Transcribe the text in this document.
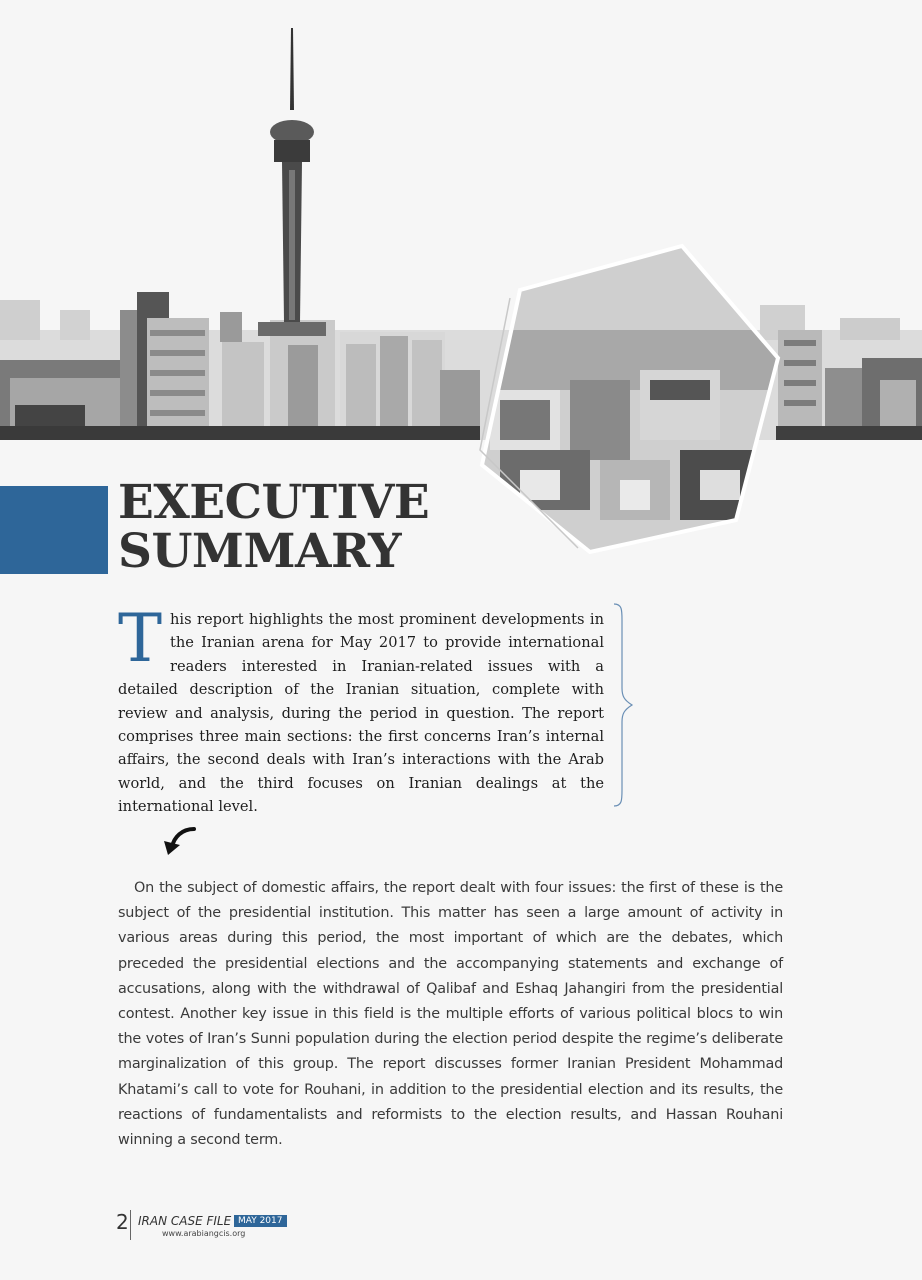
EXECUTIVE
SUMMARY
This report highlights the most prominent developments in the Iranian arena for May 2017 to provide international readers interested in Iranian-related issues with a detailed description of the Iranian situation, complete with review and analysis, during the period in question. The report comprises three main sections: the first concerns Iran’s internal affairs, the second deals with Iran’s interactions with the Arab world, and the third focuses on Iranian dealings at the international level.
On the subject of domestic affairs, the report dealt with four issues: the first of these is the subject of the presidential institution. This matter has seen a large amount of activity in various areas during this period, the most important of which are the debates, which preceded the presidential elections and the accompanying statements and exchange of accusations, along with the withdrawal of Qalibaf and Eshaq Jahangiri from the presidential contest. Another key issue in this field is the multiple efforts of various political blocs to win the votes of Iran’s Sunni population during the election period despite the regime’s deliberate marginalization of this group. The report discusses former Iranian President Mohammad Khatami’s call to vote for Rouhani, in addition to the presidential election and its results, the reactions of fundamentalists and reformists to the election results, and Hassan Rouhani winning a second term.
2 IRAN CASE FILE MAY 2017
www.arabiangcis.org
